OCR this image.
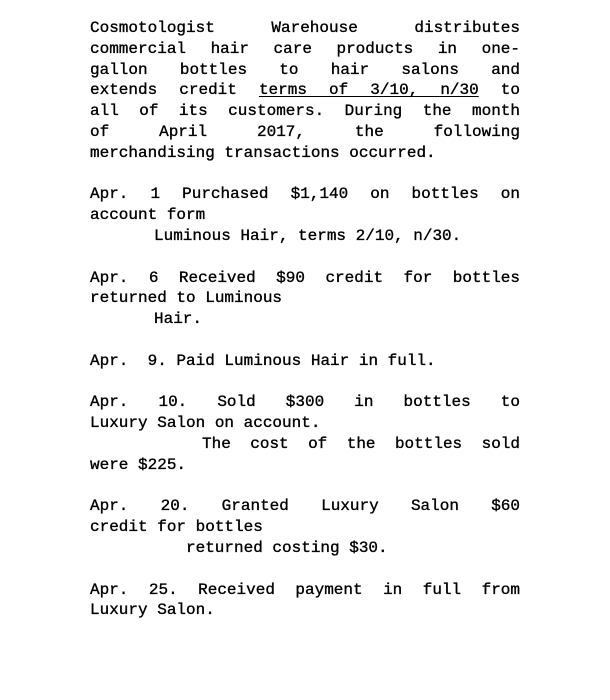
Cosmotologist Warehouse distributes
commercial hair care products in one-
gallon bottles to hair salons and
extends credit terms of 3/10, n/30 to
all of its customers. During the month
of April 2017, the following
merchandising transactions occurred.
Apr. 1 Purchased $1,140 on bottles on
account form
Luminous Hair, terms 2/10, n/30.
Apr. 6 Received $90 credit for bottles
returned to Luminous
Hair.
Apr.  9. Paid Luminous Hair in full.
Apr. 10. Sold $300 in bottles to
Luxury Salon on account.
The cost of the bottles sold
were $225.
Apr. 20. Granted Luxury Salon $60
credit for bottles
returned costing $30.
Apr. 25. Received payment in full from
Luxury Salon.
